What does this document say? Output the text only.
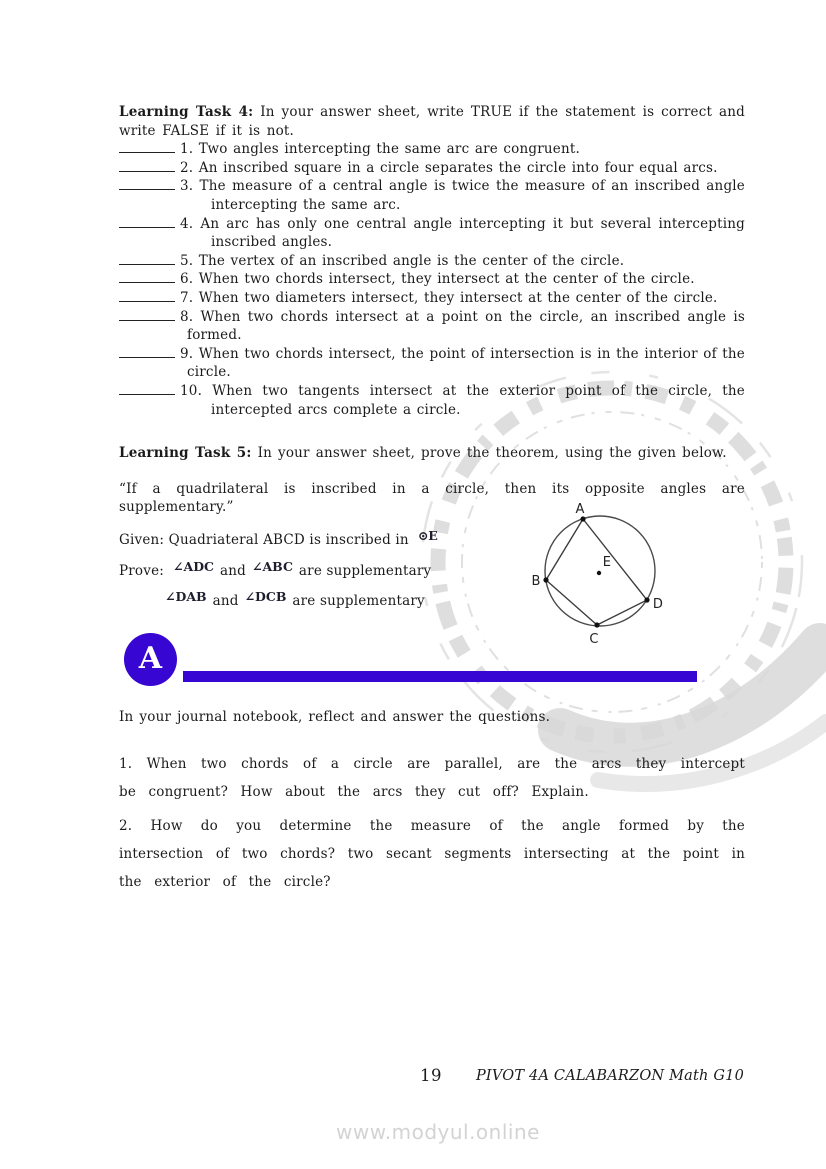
Learning Task 4: In your answer sheet, write TRUE if the statement is correct and write FALSE if it is not.

1. Two angles intercepting the same arc are congruent.
2. An inscribed square in a circle separates the circle into four equal arcs.
3. The measure of a central angle is twice the measure of an inscribed angle intercepting the same arc.
4. An arc has only one central angle intercepting it but several intercepting inscribed angles.
5. The vertex of an inscribed angle is the center of the circle.
6. When two chords intersect, they intersect at the center of the circle.
7. When two diameters intersect, they intersect at the center of the circle.
8. When two chords intersect at a point on the circle, an inscribed angle is formed.
9. When two chords intersect, the point of intersection is in the interior of the circle.
10. When two tangents intersect at the exterior point of the circle, the intercepted arcs complete a circle.

Learning Task 5: In your answer sheet, prove the theorem, using the given below.

“If a quadrilateral is inscribed in a circle, then its opposite angles are supplementary.”

Given: Quadriateral ABCD is inscribed in ⊙E

Prove: ∠ADC and ∠ABC are supplementary

∠DAB and ∠DCB are supplementary

A
B
C
D
E
A

In your journal notebook, reflect and answer the questions.

1. When two chords of a circle are parallel, are the arcs they intercept be congruent? How about the arcs they cut off? Explain.

2. How do you determine the measure of the angle formed by the intersection of two chords? two secant segments intersecting at the point in the exterior of the circle?

19 PIVOT 4A CALABARZON Math G10
www.modyul.online
